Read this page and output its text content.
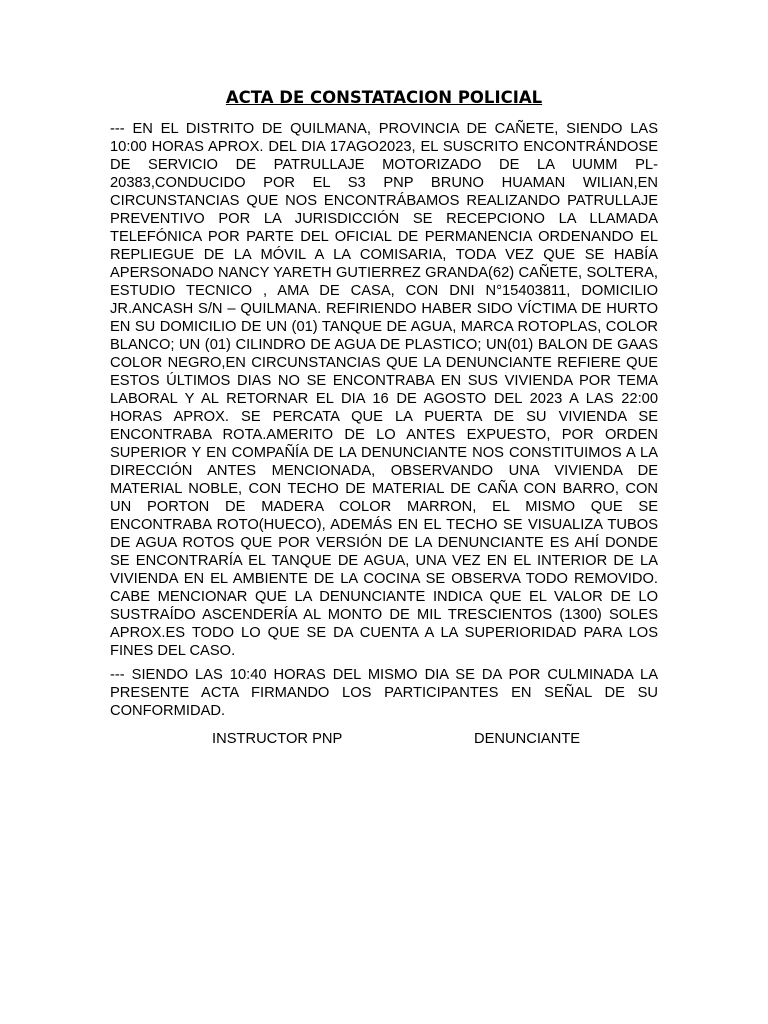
ACTA DE CONSTATACION POLICIAL

--- EN EL DISTRITO DE QUILMANA, PROVINCIA DE CAÑETE, SIENDO LAS 10:00 HORAS APROX. DEL DIA 17AGO2023, EL SUSCRITO ENCONTRÁNDOSE DE SERVICIO DE PATRULLAJE MOTORIZADO DE LA UUMM PL-20383,CONDUCIDO POR EL S3 PNP BRUNO HUAMAN WILIAN,EN CIRCUNSTANCIAS QUE NOS ENCONTRÁBAMOS REALIZANDO PATRULLAJE PREVENTIVO POR LA JURISDICCIÓN SE RECEPCIONO LA LLAMADA TELEFÓNICA POR PARTE DEL OFICIAL DE PERMANENCIA ORDENANDO EL REPLIEGUE DE LA MÓVIL A LA COMISARIA, TODA VEZ QUE SE HABÍA APERSONADO NANCY YARETH GUTIERREZ GRANDA(62) CAÑETE, SOLTERA, ESTUDIO TECNICO , AMA DE CASA, CON DNI N°15403811, DOMICILIO JR.ANCASH S/N – QUILMANA. REFIRIENDO HABER SIDO VÍCTIMA DE HURTO EN SU DOMICILIO DE UN (01) TANQUE DE AGUA, MARCA ROTOPLAS, COLOR BLANCO; UN (01) CILINDRO DE AGUA DE PLASTICO; UN(01) BALON DE GAAS COLOR NEGRO,EN CIRCUNSTANCIAS QUE LA DENUNCIANTE REFIERE QUE ESTOS ÚLTIMOS DIAS NO SE ENCONTRABA EN SUS VIVIENDA POR TEMA LABORAL Y AL RETORNAR EL DIA 16 DE AGOSTO DEL 2023 A LAS 22:00 HORAS APROX. SE PERCATA QUE LA PUERTA DE SU VIVIENDA SE ENCONTRABA ROTA.AMERITO DE LO ANTES EXPUESTO, POR ORDEN SUPERIOR Y EN COMPAÑÍA DE LA DENUNCIANTE NOS CONSTITUIMOS A LA DIRECCIÓN ANTES MENCIONADA, OBSERVANDO UNA VIVIENDA DE MATERIAL NOBLE, CON TECHO DE MATERIAL DE CAÑA CON BARRO, CON UN PORTON DE MADERA COLOR MARRON, EL MISMO QUE SE ENCONTRABA ROTO(HUECO), ADEMÁS EN EL TECHO SE VISUALIZA TUBOS DE AGUA ROTOS QUE POR VERSIÓN DE LA DENUNCIANTE ES AHÍ DONDE SE ENCONTRARÍA EL TANQUE DE AGUA, UNA VEZ EN EL INTERIOR DE LA VIVIENDA EN EL AMBIENTE DE LA COCINA SE OBSERVA TODO REMOVIDO. CABE MENCIONAR QUE LA DENUNCIANTE INDICA QUE EL VALOR DE LO SUSTRAÍDO ASCENDERÍA AL MONTO DE MIL TRESCIENTOS (1300) SOLES APROX.ES TODO LO QUE SE DA CUENTA A LA SUPERIORIDAD PARA LOS FINES DEL CASO.

--- SIENDO LAS 10:40 HORAS DEL MISMO DIA SE DA POR CULMINADA LA PRESENTE ACTA FIRMANDO LOS PARTICIPANTES EN SEÑAL DE SU CONFORMIDAD.

INSTRUCTOR PNP	DENUNCIANTE
